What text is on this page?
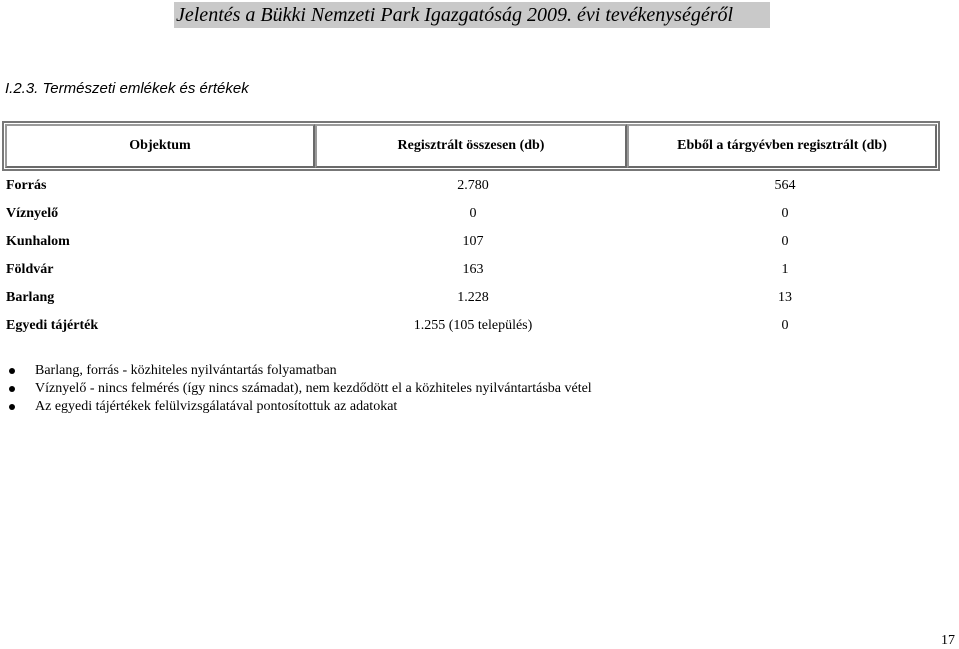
Jelentés a Bükki Nemzeti Park Igazgatóság 2009. évi tevékenységéről
I.2.3. Természeti emlékek és értékek
Objektum	Regisztrált összesen (db)	Ebből a tárgyévben regisztrált (db)
Forrás	2.780	564
Víznyelő	0	0
Kunhalom	107	0
Földvár	163	1
Barlang	1.228	13
Egyedi tájérték	1.255 (105 település)	0
Barlang, forrás - közhiteles nyilvántartás folyamatban
Víznyelő - nincs felmérés (így nincs számadat), nem kezdődött el a közhiteles nyilvántartásba vétel
Az egyedi tájértékek felülvizsgálatával pontosítottuk az adatokat
17
